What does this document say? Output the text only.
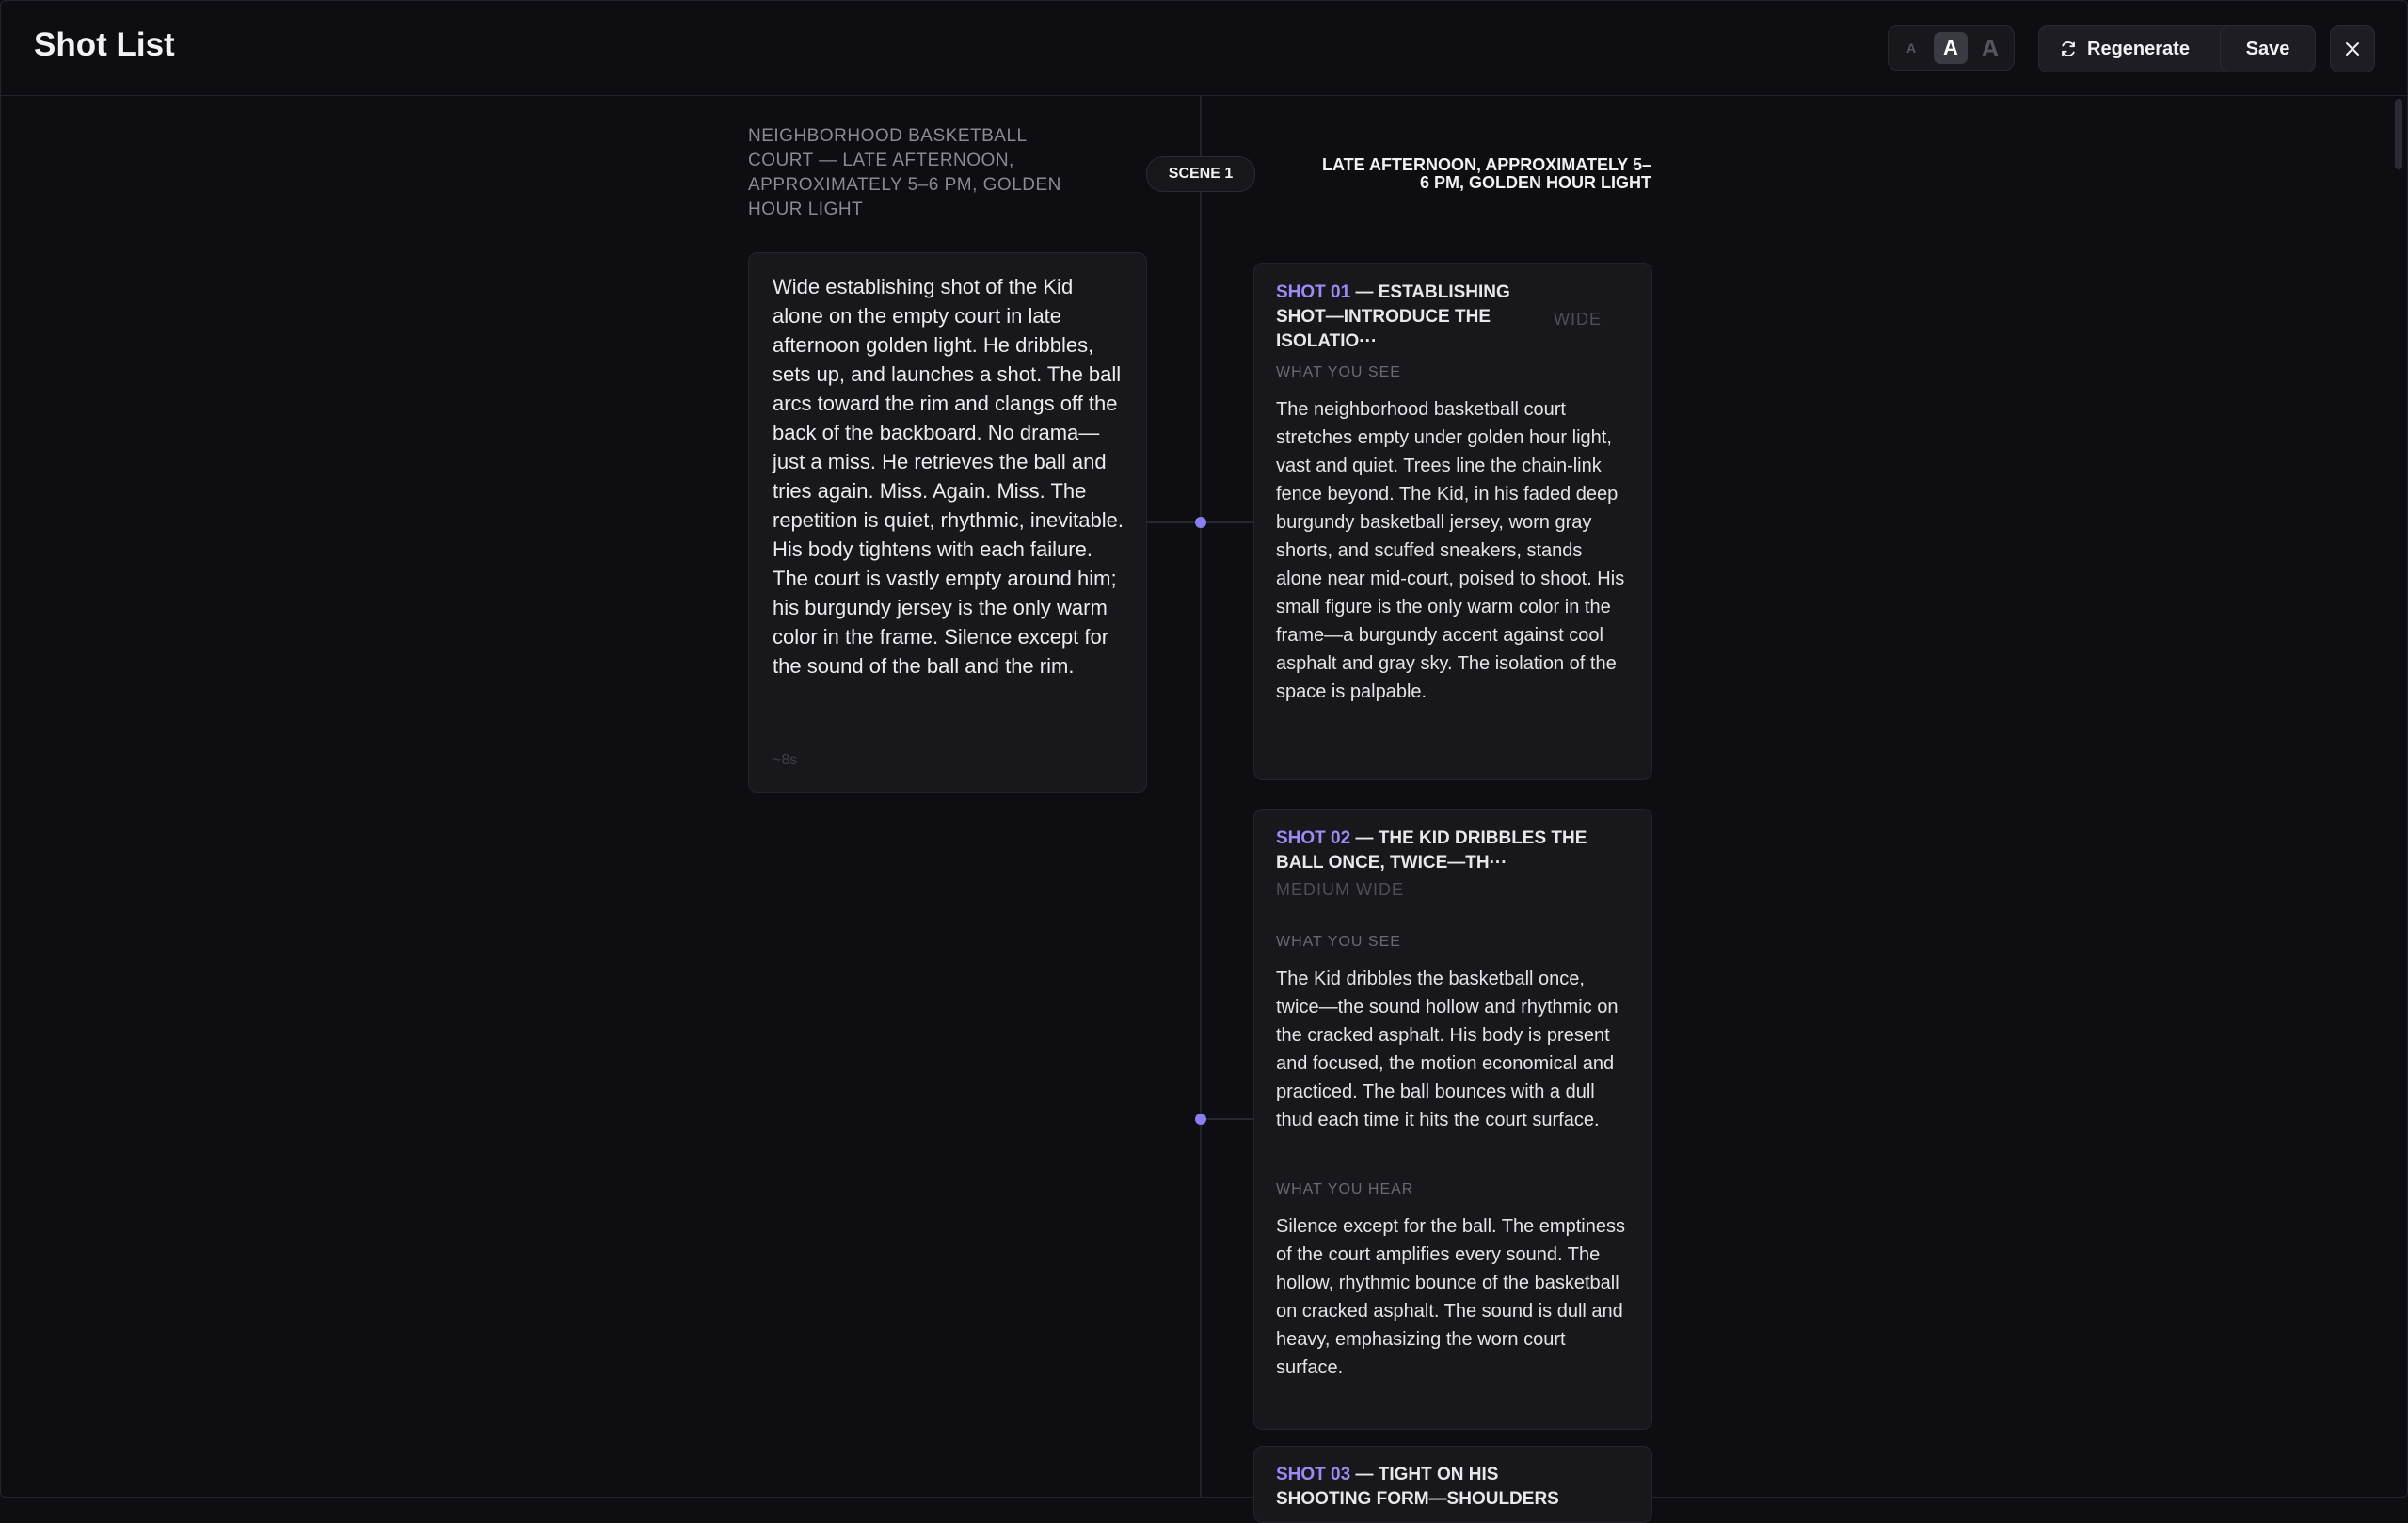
Shot List	A	A A	Regenerate	Save
NEIGHBORHOOD BASKETBALL COURT — LATE AFTERNOON, APPROXIMATELY 5–6 PM, GOLDEN HOUR LIGHT
SCENE 1	LATE AFTERNOON, APPROXIMATELY 5–6 PM, GOLDEN HOUR LIGHT
Wide establishing shot of the Kid alone on the empty court in late afternoon golden light. He dribbles, sets up, and launches a shot. The ball arcs toward the rim and clangs off the back of the backboard. No drama—just a miss. He retrieves the ball and tries again. Miss. Again. Miss. The repetition is quiet, rhythmic, inevitable. His body tightens with each failure. The court is vastly empty around him; his burgundy jersey is the only warm color in the frame. Silence except for the sound of the ball and the rim.
~8s
SHOT 01 — ESTABLISHING SHOT—INTRODUCE THE ISOLATIO···
WIDE
WHAT YOU SEE
The neighborhood basketball court stretches empty under golden hour light, vast and quiet. Trees line the chain-link fence beyond. The Kid, in his faded deep burgundy basketball jersey, worn gray shorts, and scuffed sneakers, stands alone near mid-court, poised to shoot. His small figure is the only warm color in the frame—a burgundy accent against cool asphalt and gray sky. The isolation of the space is palpable.
SHOT 02 — THE KID DRIBBLES THE BALL ONCE, TWICE—TH···
MEDIUM WIDE
WHAT YOU SEE
The Kid dribbles the basketball once, twice—the sound hollow and rhythmic on the cracked asphalt. His body is present and focused, the motion economical and practiced. The ball bounces with a dull thud each time it hits the court surface.
WHAT YOU HEAR
Silence except for the ball. The emptiness of the court amplifies every sound. The hollow, rhythmic bounce of the basketball on cracked asphalt. The sound is dull and heavy, emphasizing the worn court surface.
SHOT 03 — TIGHT ON HIS SHOOTING FORM—SHOULDERS
